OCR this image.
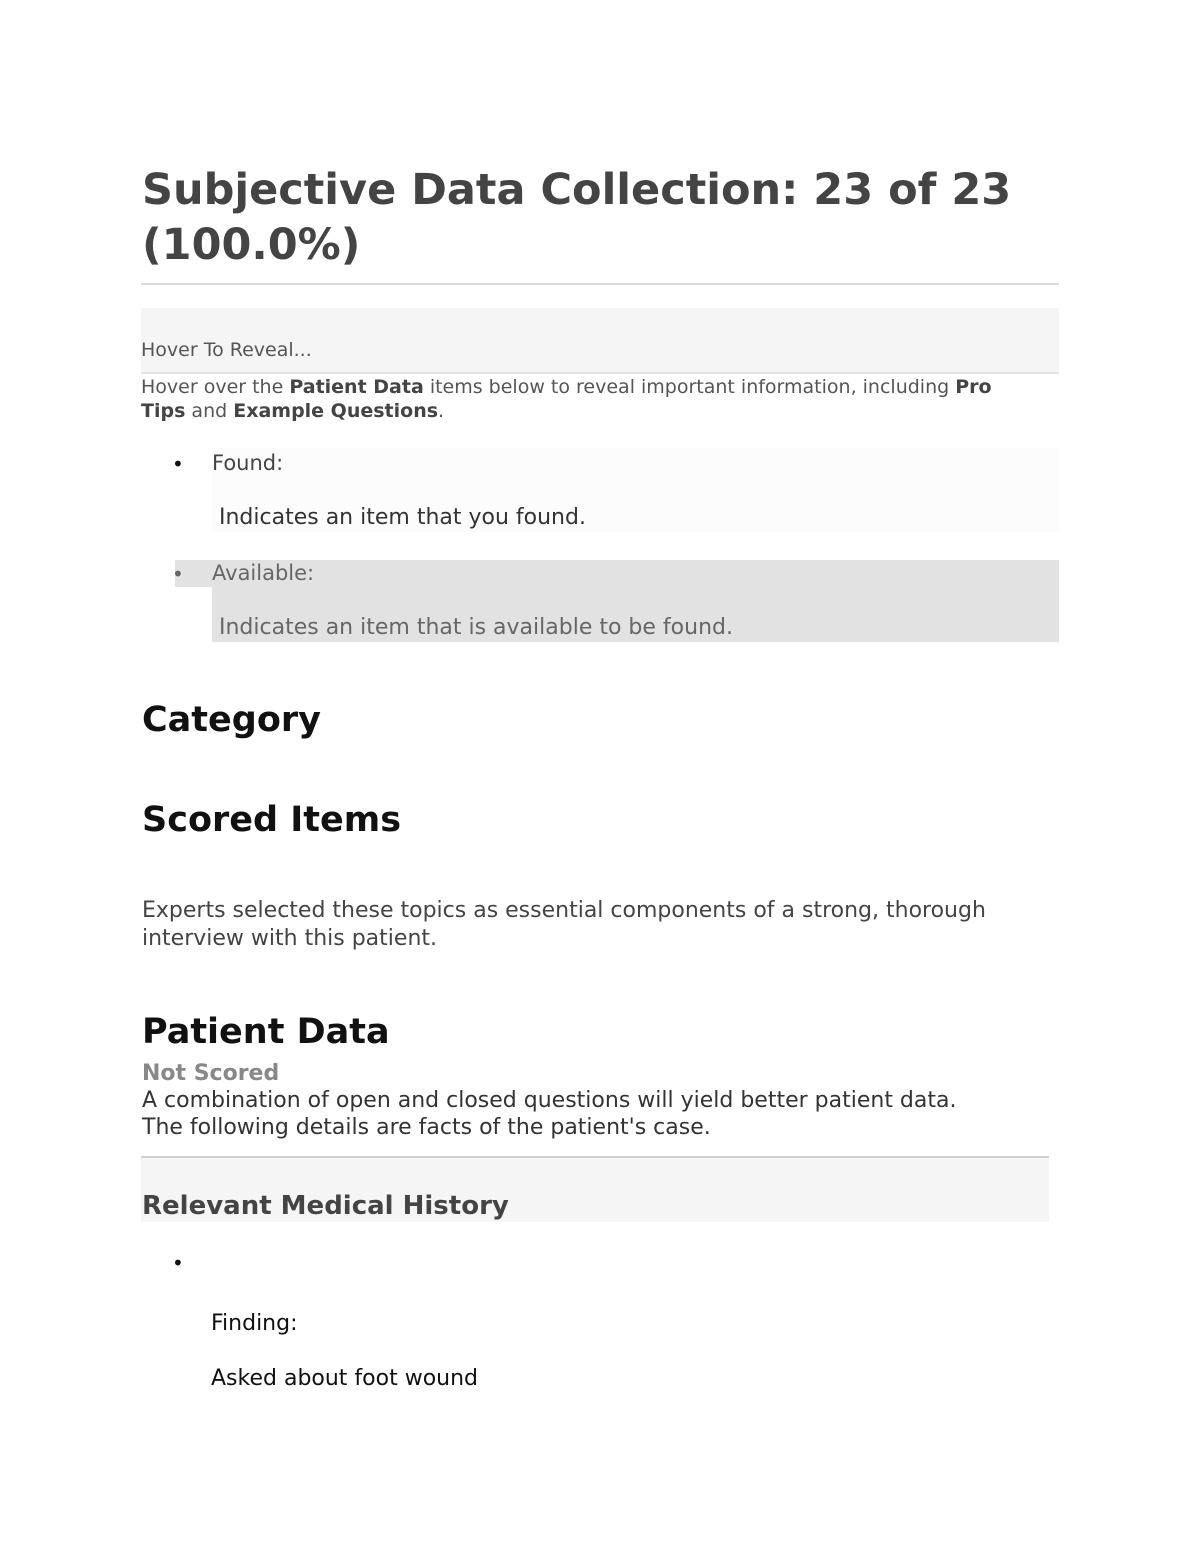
Subjective Data Collection: 23 of 23 (100.0%)
Hover To Reveal...
Hover over the Patient Data items below to reveal important information, including Pro Tips and Example Questions.
• Found:
Indicates an item that you found.
• Available:
Indicates an item that is available to be found.
Category
Scored Items
Experts selected these topics as essential components of a strong, thorough interview with this patient.
Patient Data
Not Scored
A combination of open and closed questions will yield better patient data.
The following details are facts of the patient's case.
Relevant Medical History
•
Finding:
Asked about foot wound
